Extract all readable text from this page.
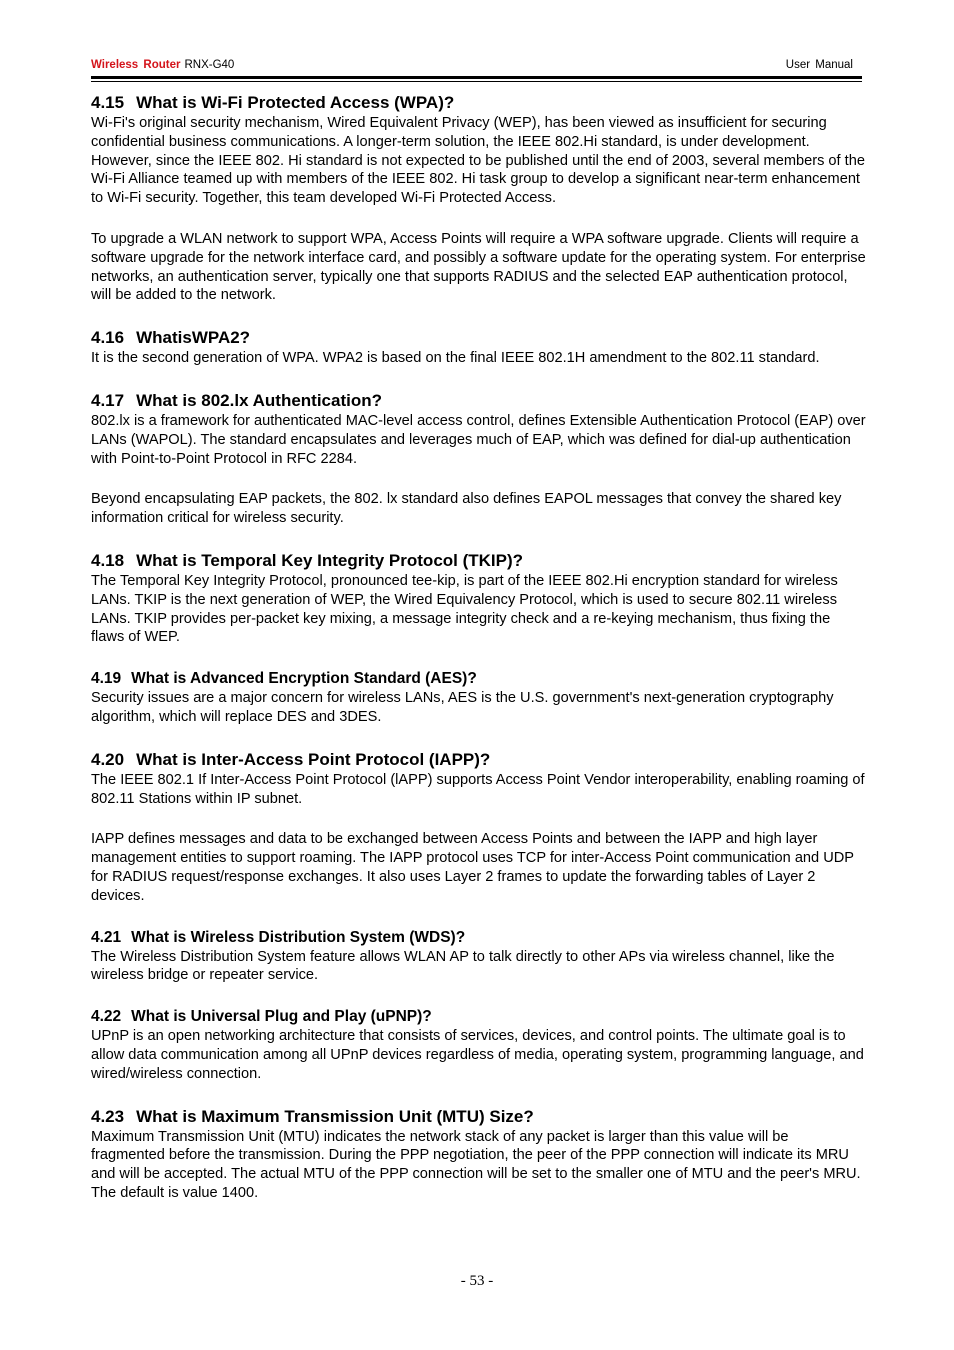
Wireless Router RNX-G40	User Manual
4.15 What is Wi-Fi Protected Access (WPA)?

Wi-Fi's original security mechanism, Wired Equivalent Privacy (WEP), has been viewed as insufficient for securing confidential business communications. A longer-term solution, the IEEE 802.Hi standard, is under development. However, since the IEEE 802. Hi standard is not expected to be published until the end of 2003, several members of the Wi-Fi Alliance teamed up with members of the IEEE 802. Hi task group to develop a significant near-term enhancement to Wi-Fi security. Together, this team developed Wi-Fi Protected Access.

To upgrade a WLAN network to support WPA, Access Points will require a WPA software upgrade. Clients will require a software upgrade for the network interface card, and possibly a software update for the operating system. For enterprise networks, an authentication server, typically one that supports RADIUS and the selected EAP authentication protocol, will be added to the network.

4.16 WhatisWPA2?

It is the second generation of WPA. WPA2 is based on the final IEEE 802.1H amendment to the 802.11 standard.

4.17 What is 802.lx Authentication?

802.lx is a framework for authenticated MAC-level access control, defines Extensible Authentication Protocol (EAP) over LANs (WAPOL). The standard encapsulates and leverages much of EAP, which was defined for dial-up authentication with Point-to-Point Protocol in RFC 2284.

Beyond encapsulating EAP packets, the 802. lx standard also defines EAPOL messages that convey the shared key information critical for wireless security.

4.18 What is Temporal Key Integrity Protocol (TKIP)?

The Temporal Key Integrity Protocol, pronounced tee-kip, is part of the IEEE 802.Hi encryption standard for wireless LANs. TKIP is the next generation of WEP, the Wired Equivalency Protocol, which is used to secure 802.11 wireless LANs. TKIP provides per-packet key mixing, a message integrity check and a re-keying mechanism, thus fixing the flaws of WEP.

4.19 What is Advanced Encryption Standard (AES)?

Security issues are a major concern for wireless LANs, AES is the U.S. government's next-generation cryptography algorithm, which will replace DES and 3DES.

4.20 What is Inter-Access Point Protocol (IAPP)?

The IEEE 802.1 If Inter-Access Point Protocol (lAPP) supports Access Point Vendor interoperability, enabling roaming of 802.11 Stations within IP subnet.

IAPP defines messages and data to be exchanged between Access Points and between the IAPP and high layer management entities to support roaming. The IAPP protocol uses TCP for inter-Access Point communication and UDP for RADIUS request/response exchanges. It also uses Layer 2 frames to update the forwarding tables of Layer 2 devices.

4.21 What is Wireless Distribution System (WDS)?

The Wireless Distribution System feature allows WLAN AP to talk directly to other APs via wireless channel, like the wireless bridge or repeater service.

4.22 What is Universal Plug and Play (uPNP)?

UPnP is an open networking architecture that consists of services, devices, and control points. The ultimate goal is to allow data communication among all UPnP devices regardless of media, operating system, programming language, and wired/wireless connection.

4.23 What is Maximum Transmission Unit (MTU) Size?

Maximum Transmission Unit (MTU) indicates the network stack of any packet is larger than this value will be fragmented before the transmission. During the PPP negotiation, the peer of the PPP connection will indicate its MRU and will be accepted. The actual MTU of the PPP connection will be set to the smaller one of MTU and the peer's MRU. The default is value 1400.

- 53 -
